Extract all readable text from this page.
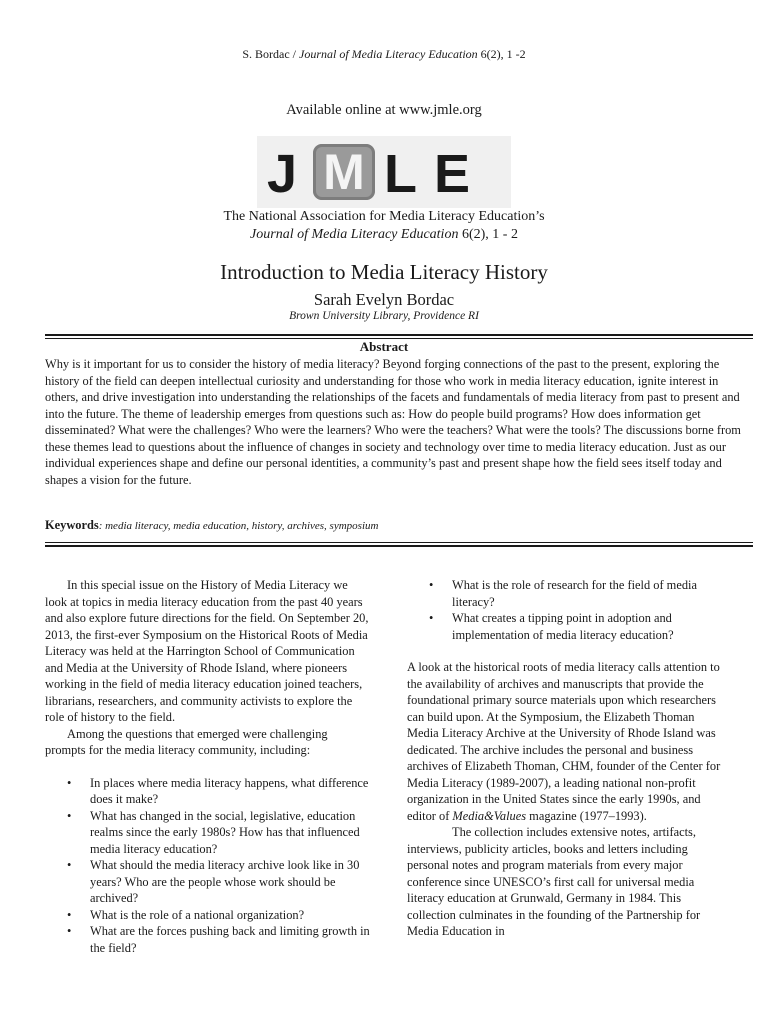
S. Bordac / Journal of Media Literacy Education 6(2), 1 -2
Available online at www.jmle.org
J M L E
The National Association for Media Literacy Education’s
Journal of Media Literacy Education 6(2), 1 - 2
Introduction to Media Literacy History
Sarah Evelyn Bordac
Brown University Library, Providence RI
Abstract
Why is it important for us to consider the history of media literacy? Beyond forging connections of the past to the present, exploring the history of the field can deepen intellectual curiosity and understanding for those who work in media literacy education, ignite interest in others, and drive investigation into understanding the relationships of the facets and fundamentals of media literacy from past to present and into the future. The theme of leadership emerges from questions such as: How do people build programs? How does information get disseminated? What were the challenges? Who were the learners? Who were the teachers? What were the tools? The discussions borne from these themes lead to questions about the influence of changes in society and technology over time to media literacy education. Just as our individual experiences shape and define our personal identities, a community’s past and present shape how the field sees itself today and shapes a vision for the future.
Keywords: media literacy, media education, history, archives, symposium

In this special issue on the History of Media Literacy we look at topics in media literacy education from the past 40 years and also explore future directions for the field. On September 20, 2013, the first-ever Symposium on the Historical Roots of Media Literacy was held at the Harrington School of Communication and Media at the University of Rhode Island, where pioneers working in the field of media literacy education joined teachers, librarians, researchers, and community activists to explore the role of history to the field.

Among the questions that emerged were challenging prompts for the media literacy community, including:

• In places where media literacy happens, what difference does it make?
• What has changed in the social, legislative, education realms since the early 1980s? How has that influenced media literacy education?
• What should the media literacy archive look like in 30 years? Who are the people whose work should be archived?
• What is the role of a national organization?
• What are the forces pushing back and limiting growth in the field?
• What is the role of research for the field of media literacy?
• What creates a tipping point in adoption and implementation of media literacy education?

A look at the historical roots of media literacy calls attention to the availability of archives and manuscripts that provide the foundational primary source materials upon which researchers can build upon. At the Symposium, the Elizabeth Thoman Media Literacy Archive at the University of Rhode Island was dedicated. The archive includes the personal and business archives of Elizabeth Thoman, CHM, founder of the Center for Media Literacy (1989-2007), a leading national non-profit organization in the United States since the early 1990s, and editor of Media&Values magazine (1977–1993).

The collection includes extensive notes, artifacts, interviews, publicity articles, books and letters including personal notes and program materials from every major conference since UNESCO’s first call for universal media literacy education at Grunwald, Germany in 1984. This collection culminates in the founding of the Partnership for Media Education in
